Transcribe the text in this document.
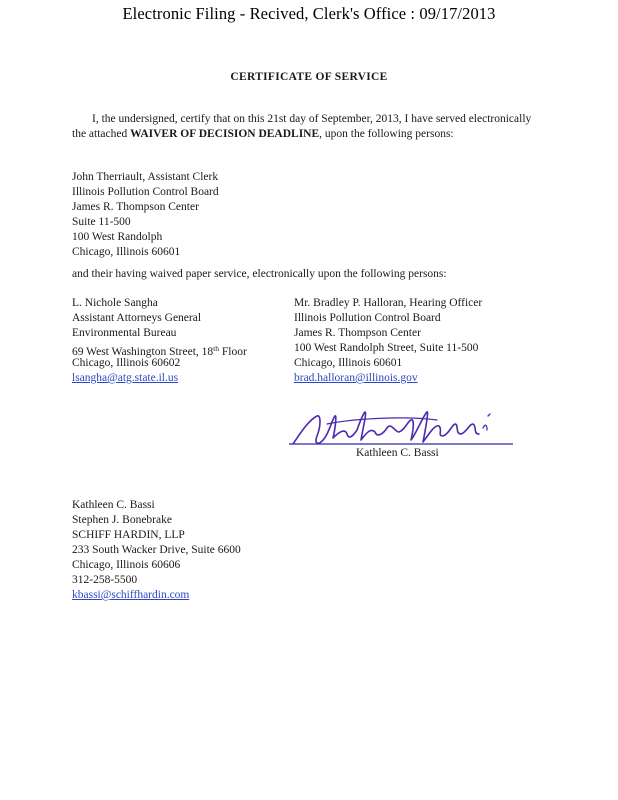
Electronic Filing - Recived, Clerk's Office : 09/17/2013
CERTIFICATE OF SERVICE
I, the undersigned, certify that on this 21st day of September, 2013, I have served electronically the attached WAIVER OF DECISION DEADLINE, upon the following persons:
John Therriault, Assistant Clerk
Illinois Pollution Control Board
James R. Thompson Center
Suite 11-500
100 West Randolph
Chicago, Illinois 60601
and their having waived paper service, electronically upon the following persons:
L. Nichole Sangha
Assistant Attorneys General
Environmental Bureau
69 West Washington Street, 18th Floor
Chicago, Illinois 60602
lsangha@atg.state.il.us
Mr. Bradley P. Halloran, Hearing Officer
Illinois Pollution Control Board
James R. Thompson Center
100 West Randolph Street, Suite 11-500
Chicago, Illinois 60601
brad.halloran@illinois.gov
Kathleen C. Bassi
Kathleen C. Bassi
Stephen J. Bonebrake
SCHIFF HARDIN, LLP
233 South Wacker Drive, Suite 6600
Chicago, Illinois 60606
312-258-5500
kbassi@schiffhardin.com
